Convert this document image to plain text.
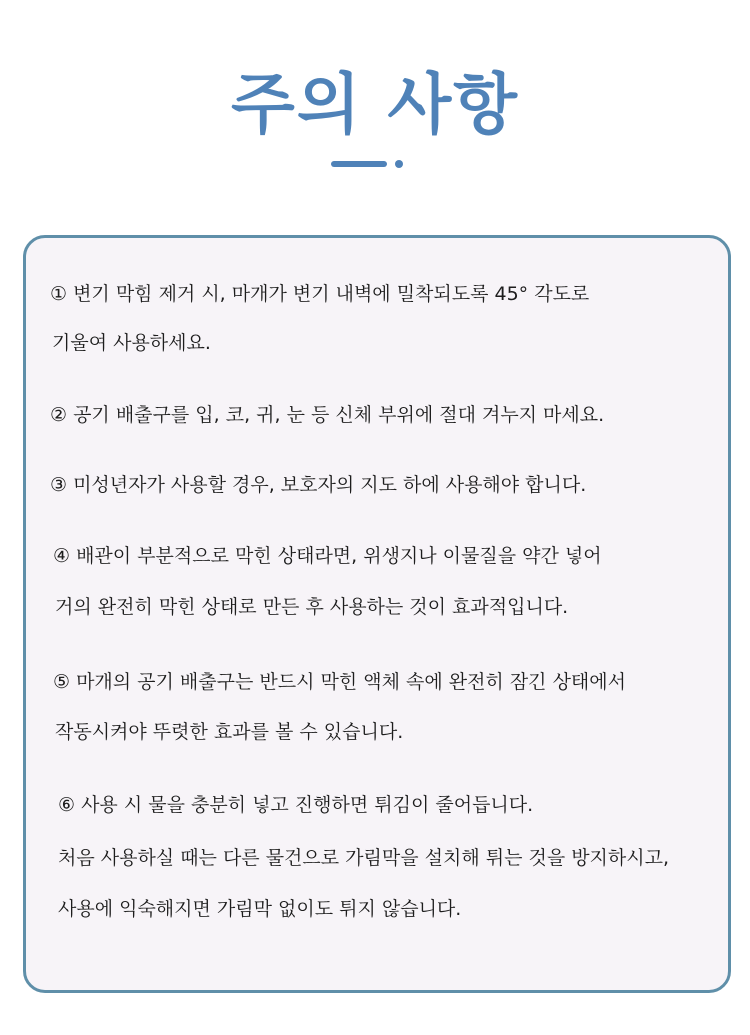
주의 사항
① 변기 막힘 제거 시, 마개가 변기 내벽에 밀착되도록 45° 각도로
기울여 사용하세요.
② 공기 배출구를 입, 코, 귀, 눈 등 신체 부위에 절대 겨누지 마세요.
③ 미성년자가 사용할 경우, 보호자의 지도 하에 사용해야 합니다.
④ 배관이 부분적으로 막힌 상태라면, 위생지나 이물질을 약간 넣어
거의 완전히 막힌 상태로 만든 후 사용하는 것이 효과적입니다.
⑤ 마개의 공기 배출구는 반드시 막힌 액체 속에 완전히 잠긴 상태에서
작동시켜야 뚜렷한 효과를 볼 수 있습니다.
⑥ 사용 시 물을 충분히 넣고 진행하면 튀김이 줄어듭니다.
처음 사용하실 때는 다른 물건으로 가림막을 설치해 튀는 것을 방지하시고,
사용에 익숙해지면 가림막 없이도 튀지 않습니다.
